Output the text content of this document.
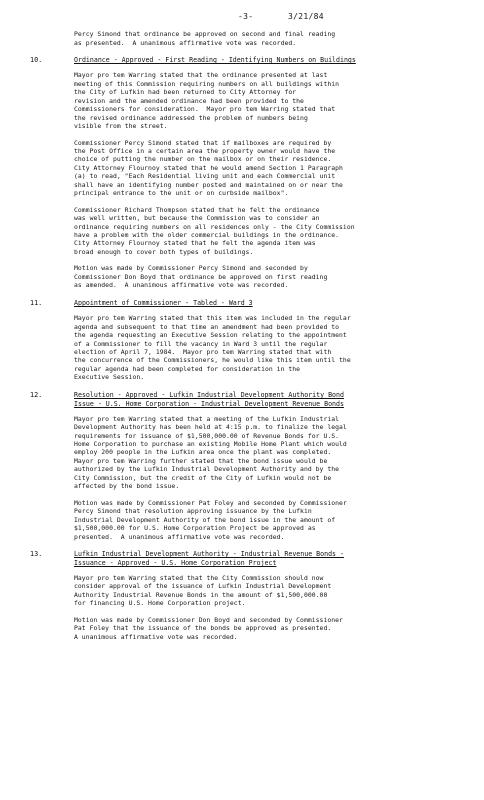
-3-	3/21/84
Percy Simond that ordinance be approved on second and final reading
as presented.  A unanimous affirmative vote was recorded.
10.	Ordinance - Approved - First Reading - Identifying Numbers on Buildings
Mayor pro tem Warring stated that the ordinance presented at last
meeting of this Commission requiring numbers on all buildings within
the City of Lufkin had been returned to City Attorney for
revision and the amended ordinance had been provided to the
Commissioners for consideration.  Mayor pro tem Warring stated that
the revised ordinance addressed the problem of numbers being
visible from the street.
Commissioner Percy Simond stated that if mailboxes are required by
the Post Office in a certain area the property owner would have the
choice of putting the number on the mailbox or on their residence.
City Attorney Flournoy stated that he would amend Section 1 Paragraph
(a) to read, "Each Residential living unit and each Commercial unit
shall have an identifying number posted and maintained on or near the
principal entrance to the unit or on curbside mailbox".
Commissioner Richard Thompson stated that he felt the ordinance
was well written, but because the Commission was to consider an
ordinance requiring numbers on all residences only - the City Commission
have a problem with the older commercial buildings in the ordinance.
City Attorney Flournoy stated that he felt the agenda item was
broad enough to cover both types of buildings.
Motion was made by Commissioner Percy Simond and seconded by
Commissioner Don Boyd that ordinance be approved on first reading
as amended.  A unanimous affirmative vote was recorded.
11.	Appointment of Commissioner - Tabled - Ward 3
Mayor pro tem Warring stated that this item was included in the regular
agenda and subsequent to that time an amendment had been provided to
the agenda requesting an Executive Session relating to the appointment
of a Commissioner to fill the vacancy in Ward 3 until the regular
election of April 7, 1984.  Mayor pro tem Warring stated that with
the concurrence of the Commissioners, he would like this item until the
regular agenda had been completed for consideration in the
Executive Session.
12.	Resolution - Approved - Lufkin Industrial Development Authority Bond
Issue - U.S. Home Corporation - Industrial Development Revenue Bonds
Mayor pro tem Warring stated that a meeting of the Lufkin Industrial
Development Authority has been held at 4:15 p.m. to finalize the legal
requirements for issuance of $1,500,000.00 of Revenue Bonds for U.S.
Home Corporation to purchase an existing Mobile Home Plant which would
employ 200 people in the Lufkin area once the plant was completed.
Mayor pro tem Warring further stated that the bond issue would be
authorized by the Lufkin Industrial Development Authority and by the
City Commission, but the credit of the City of Lufkin would not be
affected by the bond issue.
Motion was made by Commissioner Pat Foley and seconded by Commissioner
Percy Simond that resolution approving issuance by the Lufkin
Industrial Development Authority of the bond issue in the amount of
$1,500,000.00 for U.S. Home Corporation Project be approved as
presented.  A unanimous affirmative vote was recorded.
13.	Lufkin Industrial Development Authority - Industrial Revenue Bonds -
Issuance - Approved - U.S. Home Corporation Project
Mayor pro tem Warring stated that the City Commission should now
consider approval of the issuance of Lufkin Industrial Development
Authority Industrial Revenue Bonds in the amount of $1,500,000.00
for financing U.S. Home Corporation project.
Motion was made by Commissioner Don Boyd and seconded by Commissioner
Pat Foley that the issuance of the bonds be approved as presented.
A unanimous affirmative vote was recorded.
